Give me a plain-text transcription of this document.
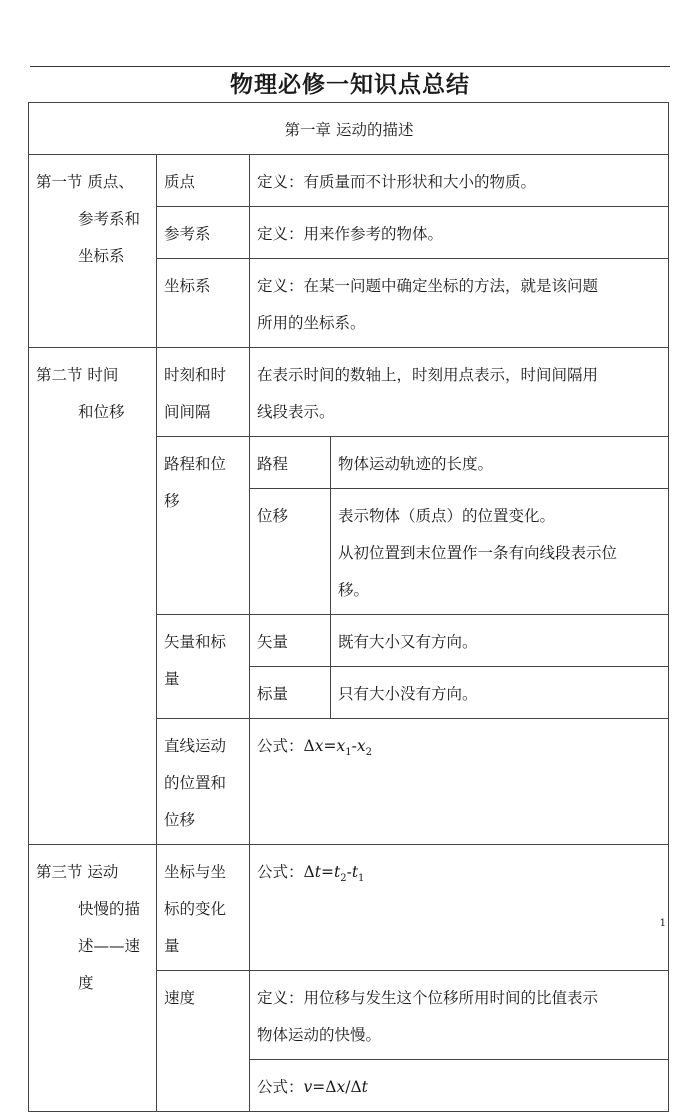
物理必修一知识点总结
第一章 运动的描述			

第一节 质点、
参考系和
坐标系	质点	定义：有质量而不计形状和大小的物质。	
	参考系	定义：用来作参考的物体。	
	坐标系	定义：在某一问题中确定坐标的方法，就是该问题
所用的坐标系。	

第二节 时间
和位移	时刻和时
间间隔	在表示时间的数轴上，时刻用点表示，时间间隔用
线段表示。	

	路程和位
移	路程	物体运动轨迹的长度。
		位移	表示物体（质点）的位置变化。
从初位置到末位置作一条有向线段表示位
移。

	矢量和标
量	矢量	既有大小又有方向。
		标量	只有大小没有方向。

	直线运动
的位置和
位移	公式：$\Delta x=x_1-x_2$

第三节 运动
快慢的描
述——速
度	坐标与坐
标的变化
量	公式：$\Delta t=t_2-t_1$
	速度	定义：用位移与发生这个位移所用时间的比值表示
物体运动的快慢。	

		公式：v=Δx/Δt	
1
